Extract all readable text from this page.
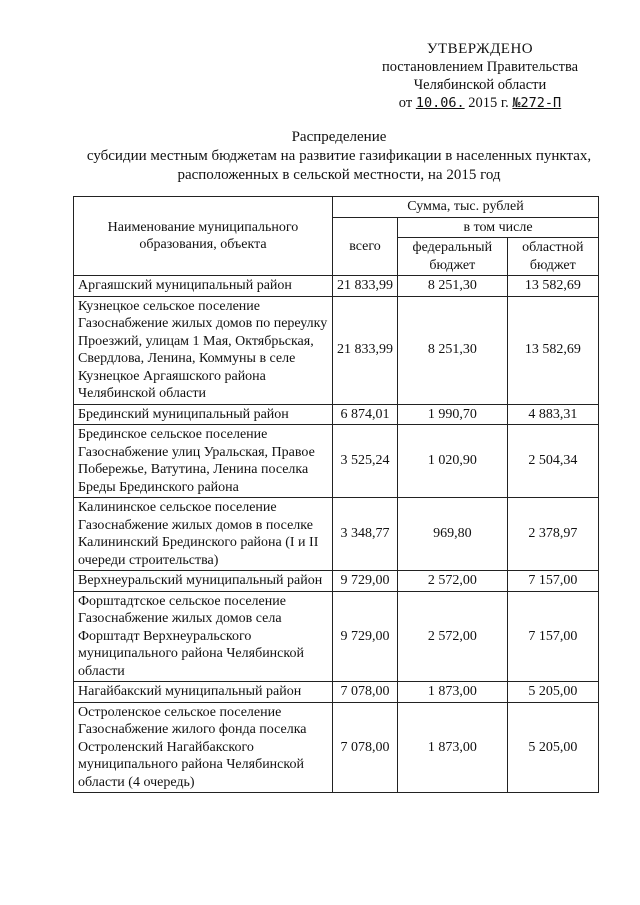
УТВЕРЖДЕНО
постановлением Правительства
Челябинской области
от 10.06. 2015 г. №272-П
Распределение
субсидии местным бюджетам на развитие газификации в населенных пунктах,
расположенных в сельской местности, на 2015 год
Наименование муниципального образования, объекта	Сумма, тыс. рублей		
	всего	в том числе	
		федеральный бюджет	областной бюджет
Аргаяшский муниципальный район	21 833,99	8 251,30	13 582,69
Кузнецкое сельское поселение Газоснабжение жилых домов по переулку Проезжий, улицам 1 Мая, Октябрьская, Свердлова, Ленина, Коммуны в селе Кузнецкое Аргаяшского района Челябинской области	21 833,99	8 251,30	13 582,69
Брединский муниципальный район	6 874,01	1 990,70	4 883,31
Брединское сельское поселение Газоснабжение улиц Уральская, Правое Побережье, Ватутина, Ленина поселка Бреды Брединского района	3 525,24	1 020,90	2 504,34
Калининское сельское поселение Газоснабжение жилых домов в поселке Калининский Брединского района (I и II очереди строительства)	3 348,77	969,80	2 378,97
Верхнеуральский муниципальный район	9 729,00	2 572,00	7 157,00
Форштадтское сельское поселение Газоснабжение жилых домов села Форштадт Верхнеуральского муниципального района Челябинской области	9 729,00	2 572,00	7 157,00
Нагайбакский муниципальный район	7 078,00	1 873,00	5 205,00
Остроленское сельское поселение Газоснабжение жилого фонда поселка Остроленский Нагайбакского муниципального района Челябинской области (4 очередь)	7 078,00	1 873,00	5 205,00
